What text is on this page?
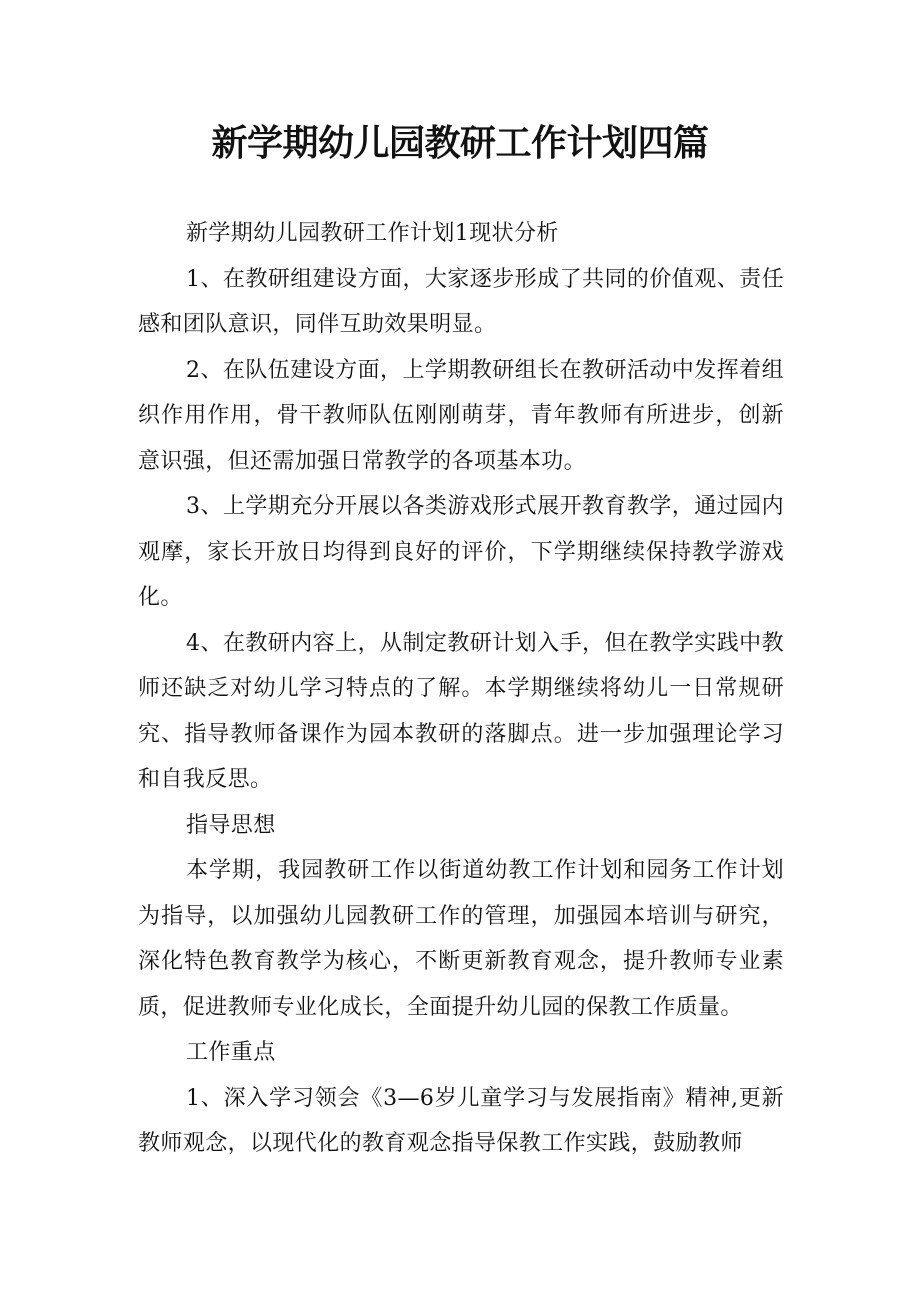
新学期幼儿园教研工作计划四篇

新学期幼儿园教研工作计划1现状分析

1、在教研组建设方面，大家逐步形成了共同的价值观、责任感和团队意识，同伴互助效果明显。

2、在队伍建设方面，上学期教研组长在教研活动中发挥着组织作用作用，骨干教师队伍刚刚萌芽，青年教师有所进步，创新意识强，但还需加强日常教学的各项基本功。

3、上学期充分开展以各类游戏形式展开教育教学，通过园内观摩，家长开放日均得到良好的评价，下学期继续保持教学游戏化。

4、在教研内容上，从制定教研计划入手，但在教学实践中教师还缺乏对幼儿学习特点的了解。本学期继续将幼儿一日常规研究、指导教师备课作为园本教研的落脚点。进一步加强理论学习和自我反思。

指导思想

本学期，我园教研工作以街道幼教工作计划和园务工作计划为指导，以加强幼儿园教研工作的管理，加强园本培训与研究，深化特色教育教学为核心，不断更新教育观念，提升教师专业素质，促进教师专业化成长，全面提升幼儿园的保教工作质量。

工作重点

1、深入学习领会《3—6岁儿童学习与发展指南》精神,更新教师观念，以现代化的教育观念指导保教工作实践，鼓励教师
